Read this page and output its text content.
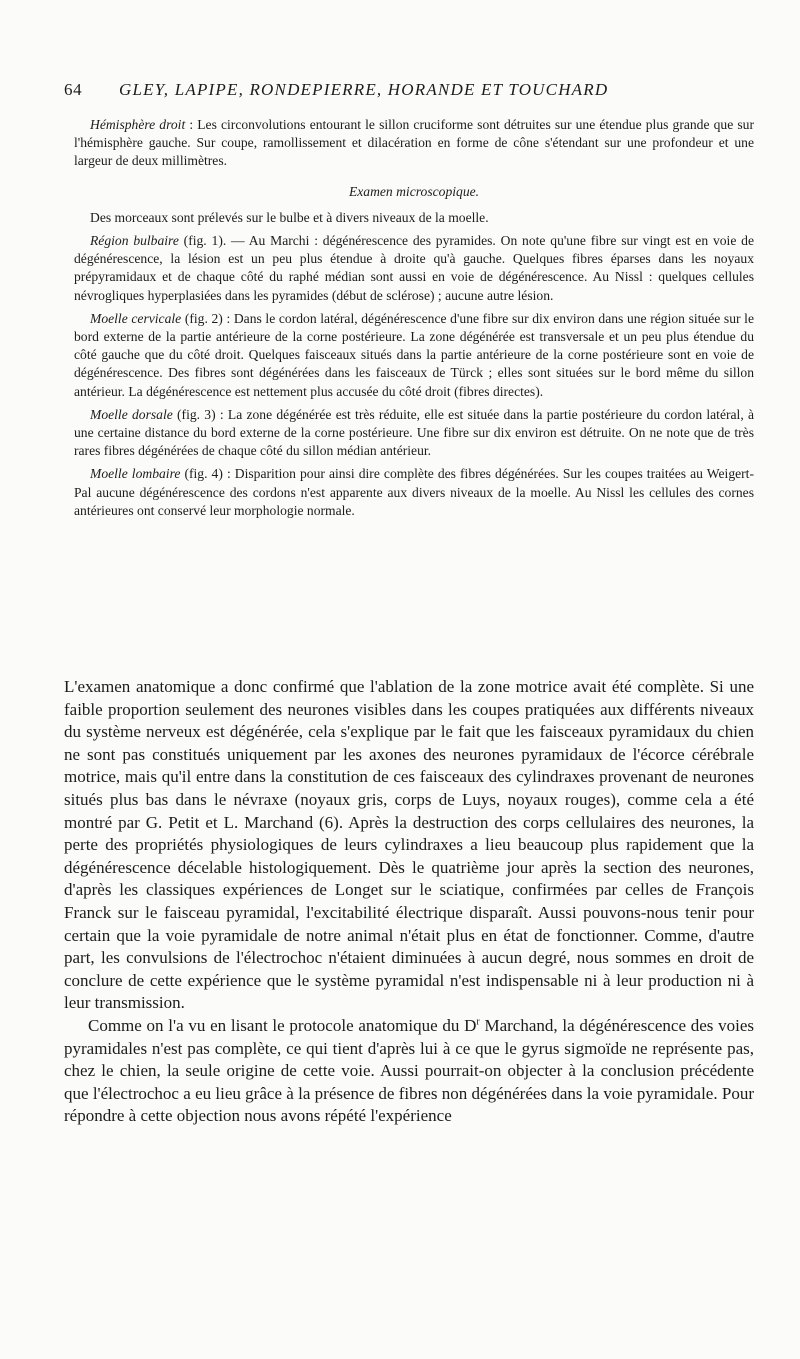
64 GLEY, LAPIPE, RONDEPIERRE, HORANDE ET TOUCHARD

Hémisphère droit : Les circonvolutions entourant le sillon cruciforme sont détruites sur une étendue plus grande que sur l'hémisphère gauche. Sur coupe, ramollissement et dilacération en forme de cône s'étendant sur une profondeur et une largeur de deux millimètres.

Examen microscopique.

Des morceaux sont prélevés sur le bulbe et à divers niveaux de la moelle.

Région bulbaire (fig. 1). — Au Marchi : dégénérescence des pyramides. On note qu'une fibre sur vingt est en voie de dégénérescence, la lésion est un peu plus étendue à droite qu'à gauche. Quelques fibres éparses dans les noyaux prépyramidaux et de chaque côté du raphé médian sont aussi en voie de dégénérescence. Au Nissl : quelques cellules névrogliques hyperplasiées dans les pyramides (début de sclérose) ; aucune autre lésion.

Moelle cervicale (fig. 2) : Dans le cordon latéral, dégénérescence d'une fibre sur dix environ dans une région située sur le bord externe de la partie antérieure de la corne postérieure. La zone dégénérée est transversale et un peu plus étendue du côté gauche que du côté droit. Quelques faisceaux situés dans la partie antérieure de la corne postérieure sont en voie de dégénérescence. Des fibres sont dégénérées dans les faisceaux de Türck ; elles sont situées sur le bord même du sillon antérieur. La dégénérescence est nettement plus accusée du côté droit (fibres directes).

Moelle dorsale (fig. 3) : La zone dégénérée est très réduite, elle est située dans la partie postérieure du cordon latéral, à une certaine distance du bord externe de la corne postérieure. Une fibre sur dix environ est détruite. On ne note que de très rares fibres dégénérées de chaque côté du sillon médian antérieur.

Moelle lombaire (fig. 4) : Disparition pour ainsi dire complète des fibres dégénérées. Sur les coupes traitées au Weigert-Pal aucune dégénérescence des cordons n'est apparente aux divers niveaux de la moelle. Au Nissl les cellules des cornes antérieures ont conservé leur morphologie normale.

L'examen anatomique a donc confirmé que l'ablation de la zone motrice avait été complète. Si une faible proportion seulement des neurones visibles dans les coupes pratiquées aux différents niveaux du système nerveux est dégénérée, cela s'explique par le fait que les faisceaux pyramidaux du chien ne sont pas constitués uniquement par les axones des neurones pyramidaux de l'écorce cérébrale motrice, mais qu'il entre dans la constitution de ces faisceaux des cylindraxes provenant de neurones situés plus bas dans le névraxe (noyaux gris, corps de Luys, noyaux rouges), comme cela a été montré par G. Petit et L. Marchand (6). Après la destruction des corps cellulaires des neurones, la perte des propriétés physiologiques de leurs cylindraxes a lieu beaucoup plus rapidement que la dégénérescence décelable histologiquement. Dès le quatrième jour après la section des neurones, d'après les classiques expériences de Longet sur le sciatique, confirmées par celles de François Franck sur le faisceau pyramidal, l'excitabilité électrique disparaît. Aussi pouvons-nous tenir pour certain que la voie pyramidale de notre animal n'était plus en état de fonctionner. Comme, d'autre part, les convulsions de l'électrochoc n'étaient diminuées à aucun degré, nous sommes en droit de conclure de cette expérience que le système pyramidal n'est indispensable ni à leur production ni à leur transmission.

Comme on l'a vu en lisant le protocole anatomique du $D^r$ Marchand, la dégénérescence des voies pyramidales n'est pas complète, ce qui tient d'après lui à ce que le gyrus sigmoïde ne représente pas, chez le chien, la seule origine de cette voie. Aussi pourrait-on objecter à la conclusion précédente que l'électrochoc a eu lieu grâce à la présence de fibres non dégénérées dans la voie pyramidale. Pour répondre à cette objection nous avons répété l'expérience
